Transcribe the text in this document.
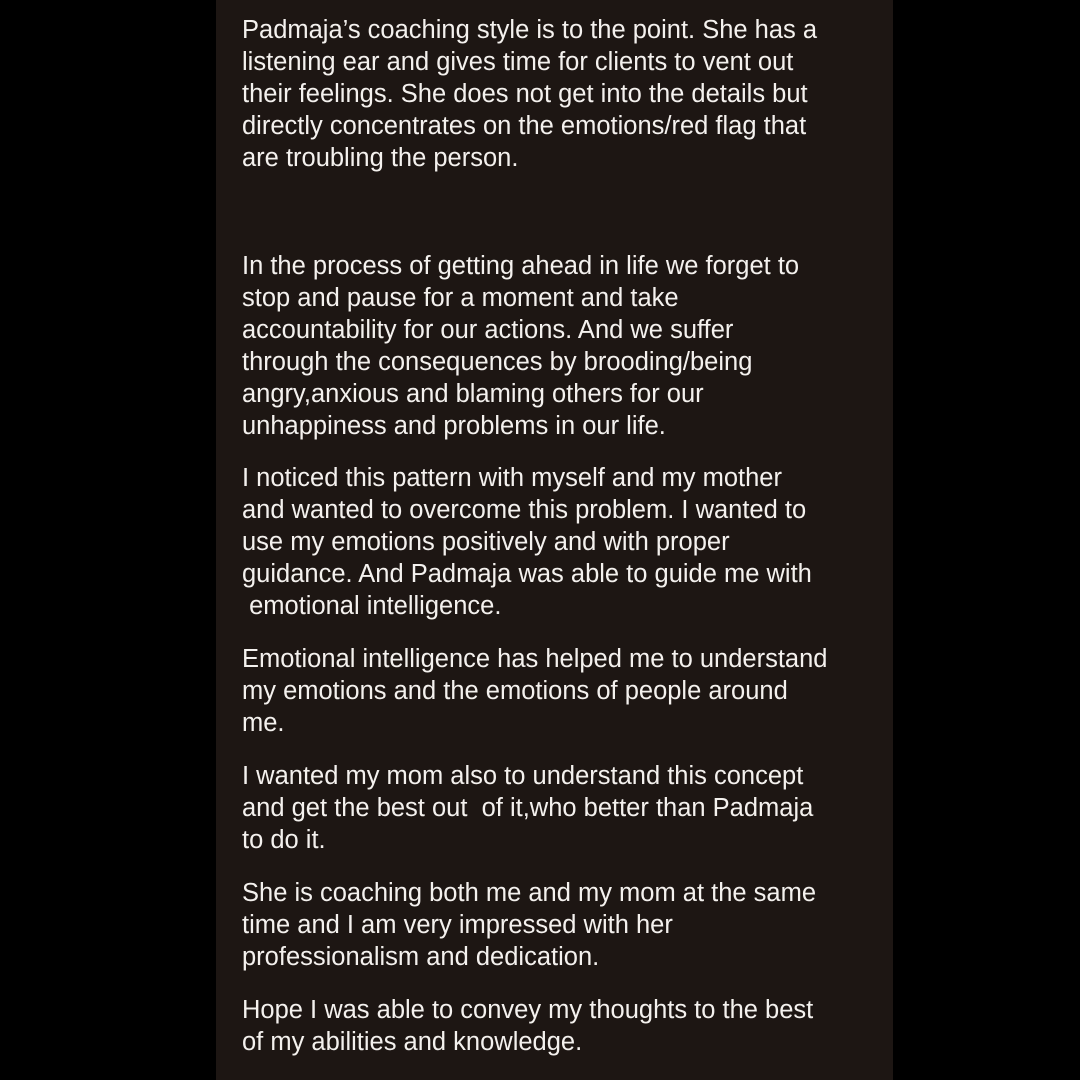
Padmaja’s coaching style is to the point. She has a
listening ear and gives time for clients to vent out
their feelings. She does not get into the details but
directly concentrates on the emotions/red flag that
are troubling the person.

In the process of getting ahead in life we forget to
stop and pause for a moment and take
accountability for our actions. And we suffer
through the consequences by brooding/being
angry,anxious and blaming others for our
unhappiness and problems in our life.

I noticed this pattern with myself and my mother
and wanted to overcome this problem. I wanted to
use my emotions positively and with proper
guidance. And Padmaja was able to guide me with
emotional intelligence.

Emotional intelligence has helped me to understand
my emotions and the emotions of people around
me.

I wanted my mom also to understand this concept
and get the best out  of it,who better than Padmaja
to do it.

She is coaching both me and my mom at the same
time and I am very impressed with her
professionalism and dedication.

Hope I was able to convey my thoughts to the best
of my abilities and knowledge.
